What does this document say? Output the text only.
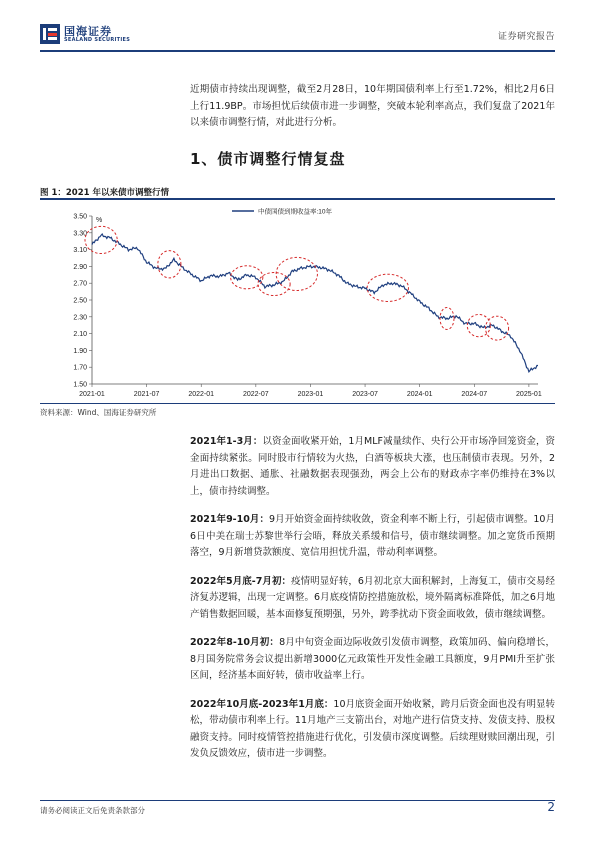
国海证券
SEALAND SECURITIES	证券研究报告
近期债市持续出现调整，截至2月28日，10年期国债利率上行至1.72%，相比2月6日上行11.9BP。市场担忧后续债市进一步调整，突破本轮利率高点，我们复盘了2021年以来债市调整行情，对此进行分析。
1、债市调整行情复盘
图 1：2021 年以来债市调整行情
3.50
3.30
3.10
2.90
2.70
2.50
2.30
2.10
1.90
1.70
1.50
%
2021-01	2021-07	2022-01	2022-07	2023-01	2023-07	2024-01	2024-07	2025-01
中债国债到期收益率:10年
资料来源：Wind、国海证券研究所

2021年1-3月：以资金面收紧开始，1月MLF减量续作、央行公开市场净回笼资金，资金面持续紧张。同时股市行情较为火热，白酒等板块大涨，也压制债市表现。另外，2月进出口数据、通胀、社融数据表现强劲，两会上公布的财政赤字率仍维持在3%以上，债市持续调整。

2021年9-10月：9月开始资金面持续收敛，资金利率不断上行，引起债市调整。10月6日中美在瑞士苏黎世举行会晤，释放关系缓和信号，债市继续调整。加之宽货币预期落空，9月新增贷款额度、宽信用担忧升温，带动利率调整。

2022年5月底-7月初：疫情明显好转，6月初北京大面积解封，上海复工，债市交易经济复苏逻辑，出现一定调整。6月底疫情防控措施放松，境外隔离标准降低，加之6月地产销售数据回暖，基本面修复预期强，另外，跨季扰动下资金面收敛，债市继续调整。

2022年8-10月初：8月中旬资金面边际收敛引发债市调整，政策加码、偏向稳增长，8月国务院常务会议提出新增3000亿元政策性开发性金融工具额度，9月PMI升至扩张区间，经济基本面好转，债市收益率上行。

2022年10月底-2023年1月底：10月底资金面开始收紧，跨月后资金面也没有明显转松，带动债市利率上行。11月地产三支箭出台，对地产进行信贷支持、发债支持、股权融资支持。同时疫情管控措施进行优化，引发债市深度调整。后续理财赎回潮出现，引发负反馈效应，债市进一步调整。

请务必阅读正文后免责条款部分	2
